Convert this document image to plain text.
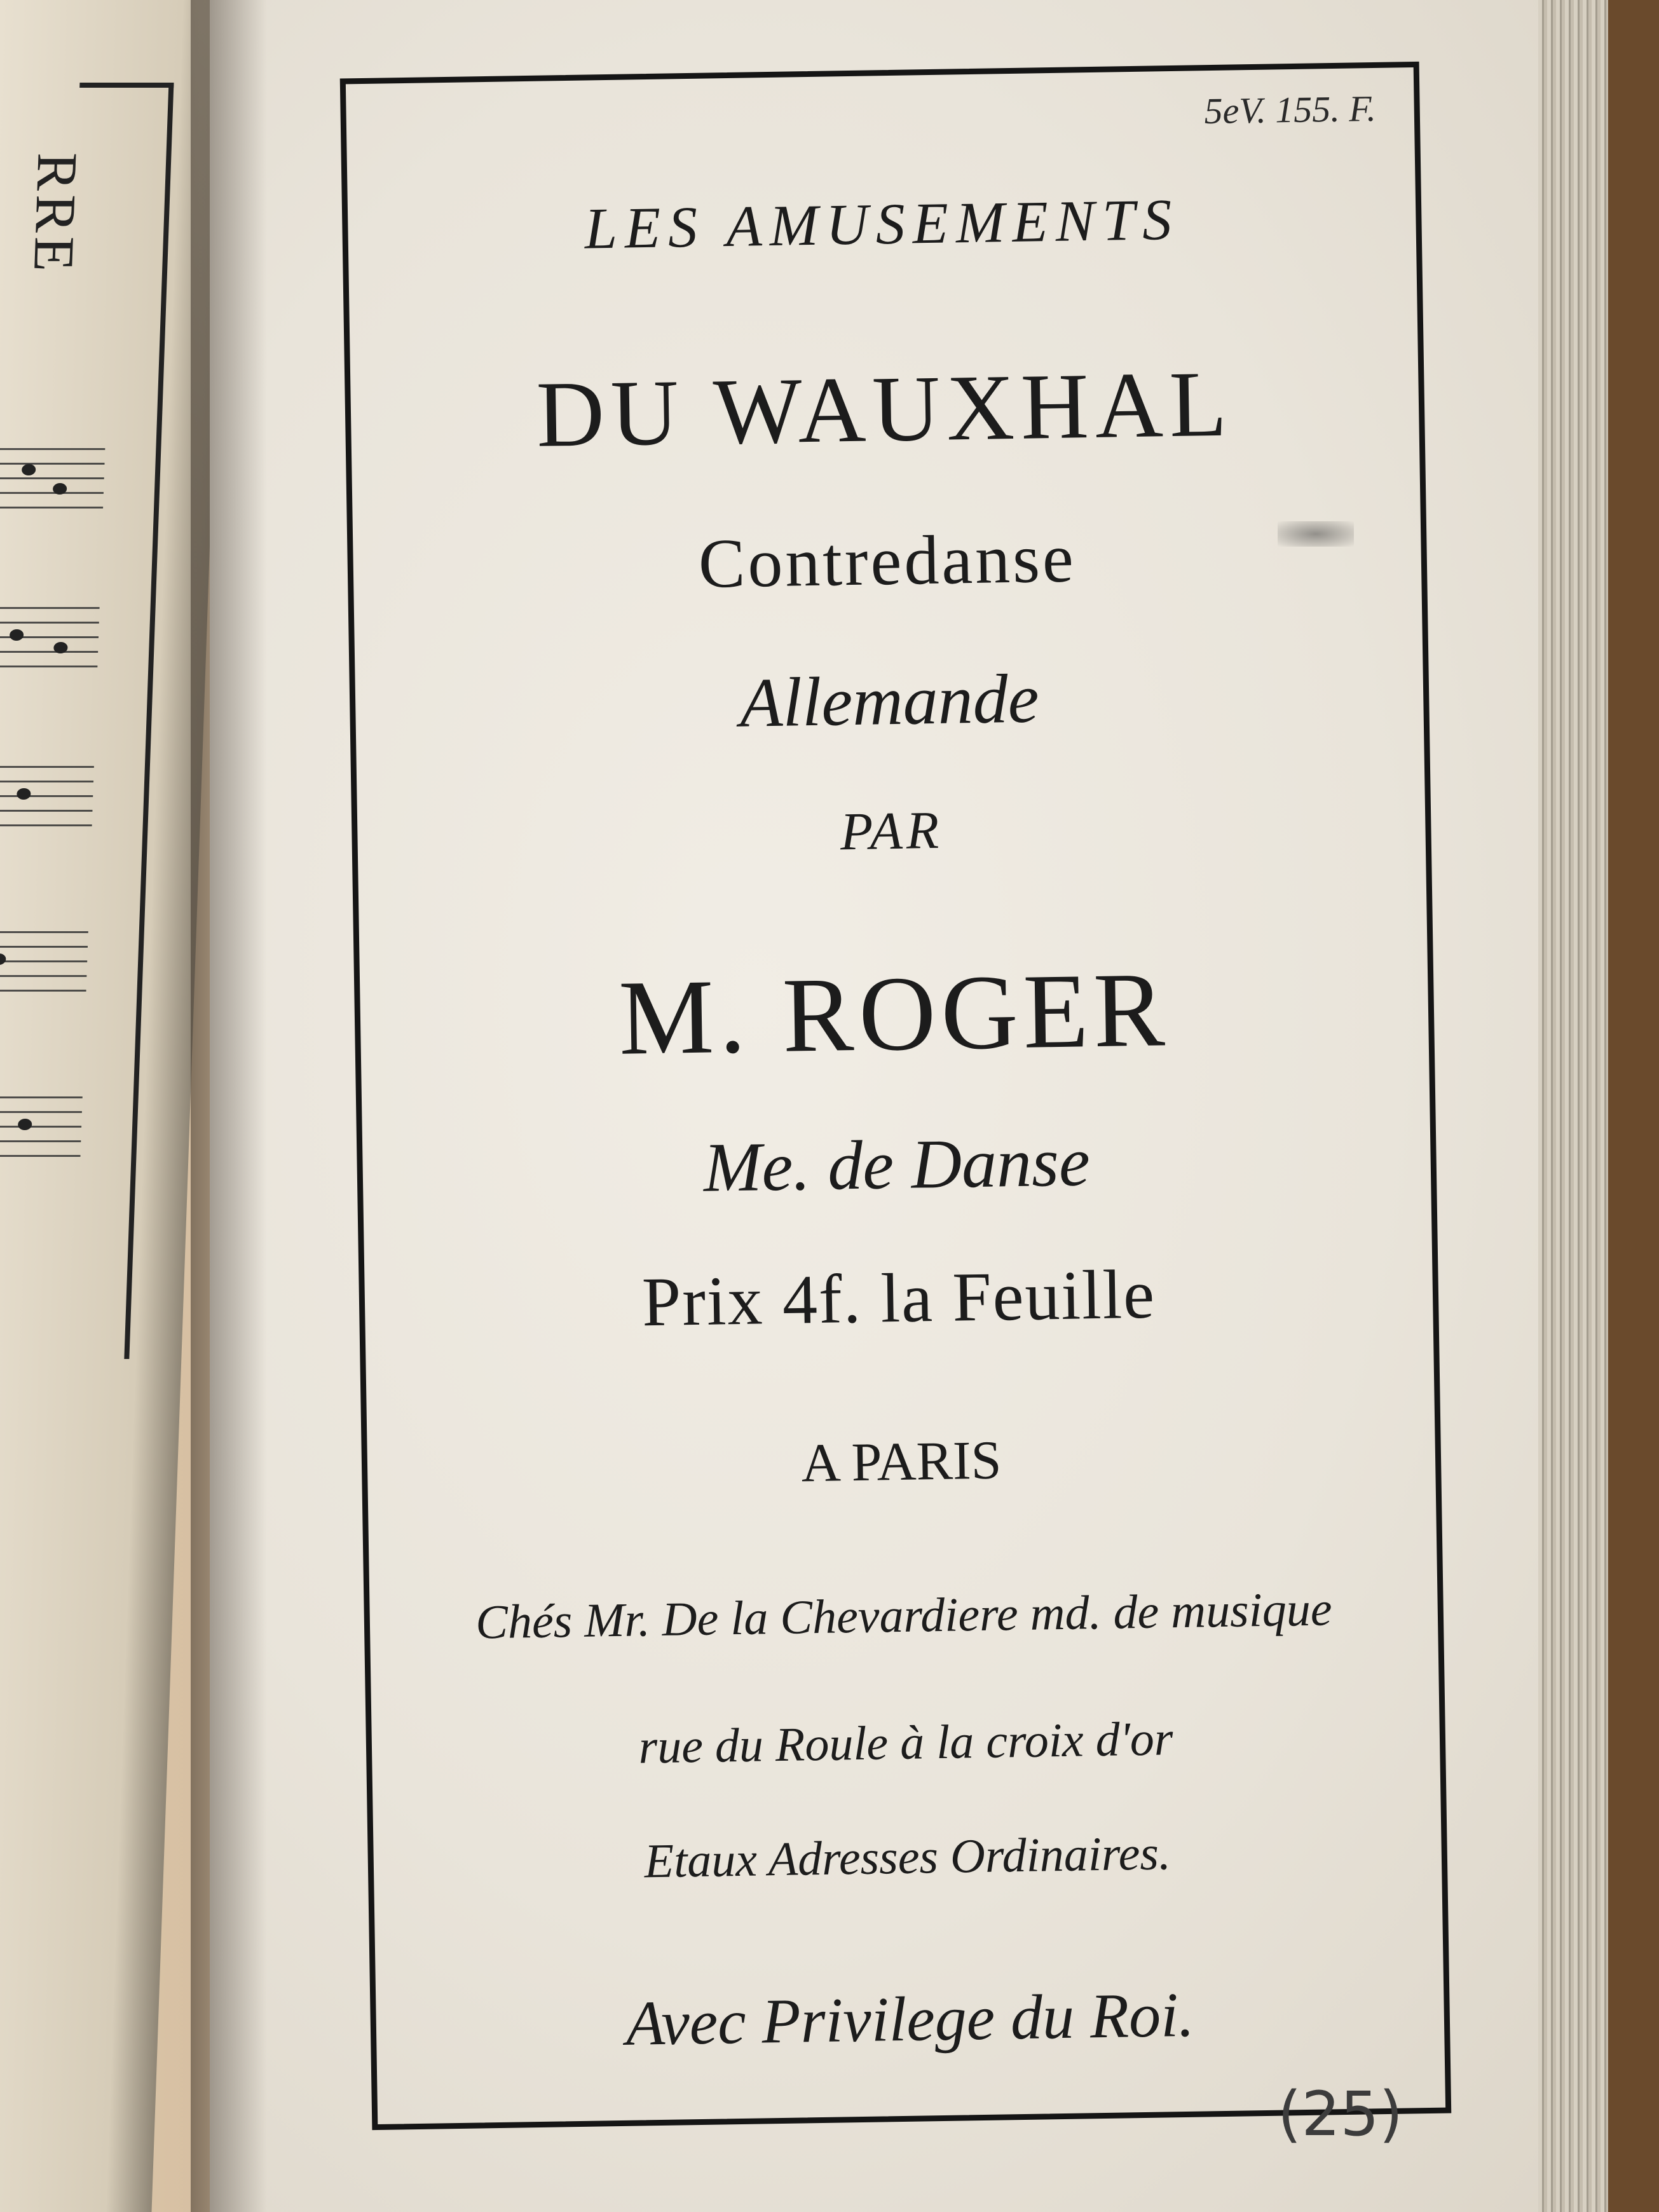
RRE
5eV. 155. F.
LES AMUSEMENTS
DU WAUXHAL
Contredanse
Allemande
PAR
M. ROGER
Me. de Danse
Prix 4f. la Feuille
A PARIS
Chés Mr. De la Chevardiere md. de musique
rue du Roule à la croix d'or
Etaux Adresses Ordinaires.
Avec Privilege du Roi.
(25)
